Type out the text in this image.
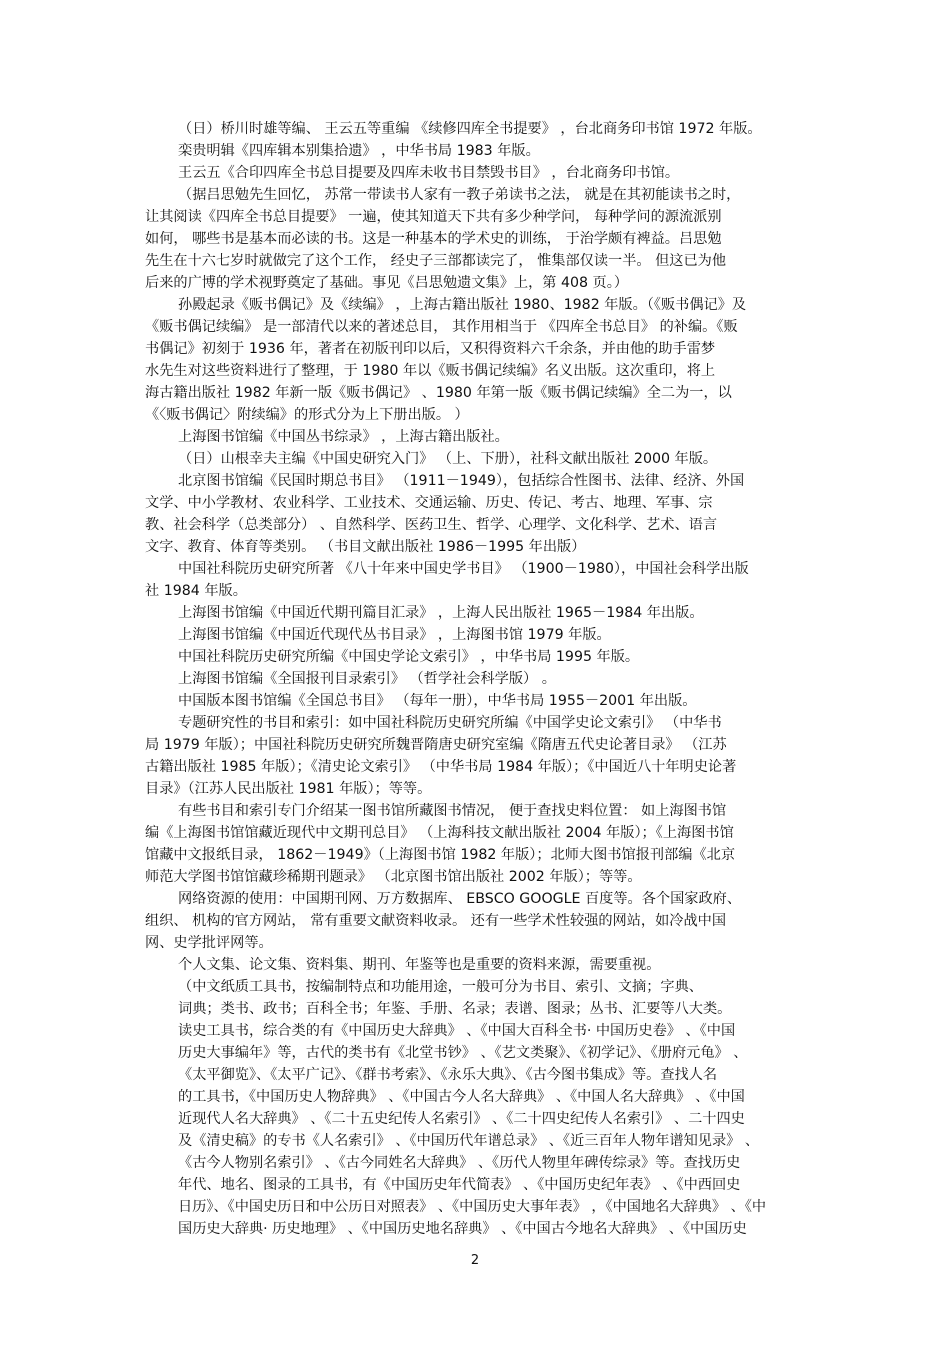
（日）桥川时雄等编、 王云五等重编 《续修四库全书提要》 ，台北商务印书馆 1972 年版。
栾贵明辑《四库辑本别集拾遗》 ，中华书局 1983 年版。
王云五《合印四库全书总目提要及四库未收书目禁毁书目》 ，台北商务印书馆。
（据吕思勉先生回忆， 苏常一带读书人家有一教子弟读书之法， 就是在其初能读书之时，
让其阅读《四库全书总目提要》 一遍，使其知道天下共有多少种学问， 每种学问的源流派别
如何， 哪些书是基本而必读的书。这是一种基本的学术史的训练， 于治学颇有裨益。吕思勉
先生在十六七岁时就做完了这个工作， 经史子三部都读完了， 惟集部仅读一半。 但这已为他
后来的广博的学术视野奠定了基础。事见《吕思勉遗文集》上，第 408 页。）
孙殿起录《贩书偶记》及《续编》 ，上海古籍出版社 1980、1982 年版。（《贩书偶记》及
《贩书偶记续编》 是一部清代以来的著述总目， 其作用相当于 《四库全书总目》 的补编。《贩
书偶记》初刻于 1936 年，著者在初版刊印以后，又积得资料六千余条，并由他的助手雷梦
水先生对这些资料进行了整理，于 1980 年以《贩书偶记续编》名义出版。这次重印，将上
海古籍出版社 1982 年新一版《贩书偶记》 、1980 年第一版《贩书偶记续编》全二为一，以
《〈贩书偶记〉附续编》的形式分为上下册出版。 ）
上海图书馆编《中国丛书综录》 ，上海古籍出版社。
（日）山根幸夫主编《中国史研究入门》 （上、下册），社科文献出版社 2000 年版。
北京图书馆编《民国时期总书目》 （1911－1949），包括综合性图书、法律、经济、外国
文学、中小学教材、农业科学、工业技术、交通运输、历史、传记、考古、地理、军事、宗
教、社会科学（总类部分） 、自然科学、医药卫生、哲学、心理学、文化科学、艺术、语言
文字、教育、体育等类别。 （书目文献出版社 1986－1995 年出版）
中国社科院历史研究所著 《八十年来中国史学书目》 （1900－1980），中国社会科学出版
社 1984 年版。
上海图书馆编《中国近代期刊篇目汇录》 ，上海人民出版社 1965－1984 年出版。
上海图书馆编《中国近代现代丛书目录》 ，上海图书馆 1979 年版。
中国社科院历史研究所编《中国史学论文索引》 ，中华书局 1995 年版。
上海图书馆编《全国报刊目录索引》 （哲学社会科学版） 。
中国版本图书馆编《全国总书目》 （每年一册），中华书局 1955－2001 年出版。
专题研究性的书目和索引：如中国社科院历史研究所编《中国学史论文索引》 （中华书
局 1979 年版）；中国社科院历史研究所魏晋隋唐史研究室编《隋唐五代史论著目录》 （江苏
古籍出版社 1985 年版）；《清史论文索引》 （中华书局 1984 年版）；《中国近八十年明史论著
目录》（江苏人民出版社 1981 年版）；等等。
有些书目和索引专门介绍某一图书馆所藏图书情况， 便于查找史料位置： 如上海图书馆
编《上海图书馆馆藏近现代中文期刊总目》 （上海科技文献出版社 2004 年版）；《上海图书馆
馆藏中文报纸目录， 1862－1949》（上海图书馆 1982 年版）；北师大图书馆报刊部编《北京
师范大学图书馆馆藏珍稀期刊题录》 （北京图书馆出版社 2002 年版）；等等。
网络资源的使用：中国期刊网、万方数据库、 EBSCO GOOGLE 百度等。各个国家政府、
组织、 机构的官方网站， 常有重要文献资料收录。 还有一些学术性较强的网站，如冷战中国
网、史学批评网等。
个人文集、论文集、资料集、期刊、年鉴等也是重要的资料来源，需要重视。
（中文纸质工具书，按编制特点和功能用途，一般可分为书目、索引、文摘；字典、
词典；类书、政书；百科全书；年鉴、手册、名录；表谱、图录；丛书、汇要等八大类。
读史工具书，综合类的有《中国历史大辞典》 、《中国大百科全书· 中国历史卷》 、《中国
历史大事编年》等，古代的类书有《北堂书钞》 、《艺文类聚》、《初学记》、《册府元龟》 、
《太平御览》、《太平广记》、《群书考索》、《永乐大典》、《古今图书集成》等。查找人名
的工具书，《中国历史人物辞典》 、《中国古今人名大辞典》 、《中国人名大辞典》 、《中国
近现代人名大辞典》 、《二十五史纪传人名索引》 、《二十四史纪传人名索引》 、二十四史
及《清史稿》的专书《人名索引》 、《中国历代年谱总录》 、《近三百年人物年谱知见录》 、
《古今人物别名索引》 、《古今同姓名大辞典》 、《历代人物里年碑传综录》等。查找历史
年代、地名、图录的工具书，有《中国历史年代简表》 、《中国历史纪年表》 、《中西回史
日历》、《中国史历日和中公历日对照表》 、《中国历史大事年表》 ，《中国地名大辞典》 、《中
国历史大辞典· 历史地理》 、《中国历史地名辞典》 、《中国古今地名大辞典》 、《中国历史
2
